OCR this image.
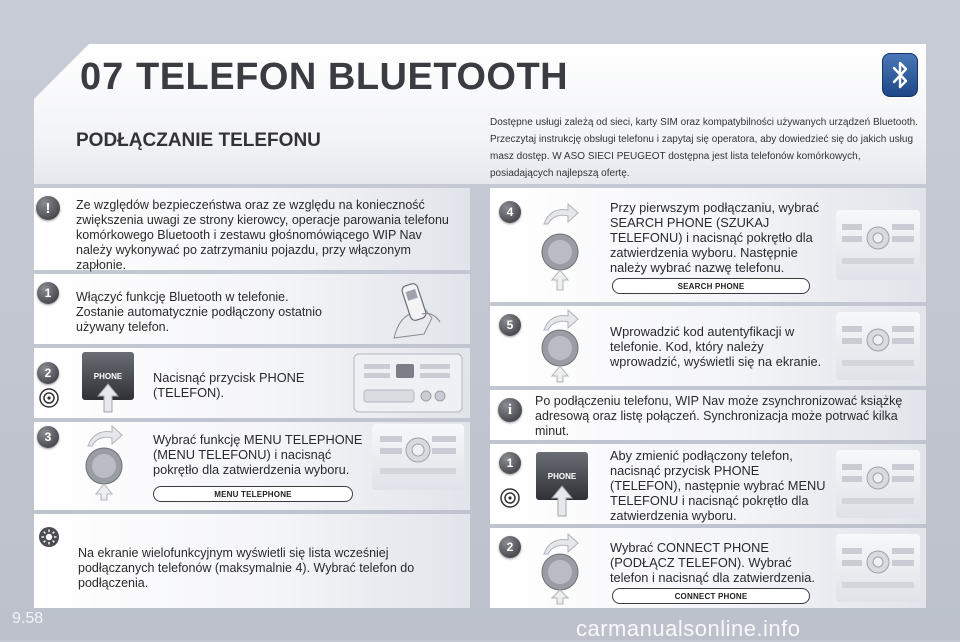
07 TELEFON BLUETOOTH
PODŁĄCZANIE TELEFONU
Dostępne usługi zależą od sieci, karty SIM oraz kompatybilności używanych urządzeń Bluetooth. Przeczytaj instrukcję obsługi telefonu i zapytaj się operatora, aby dowiedzieć się do jakich usług masz dostęp. W ASO SIECI PEUGEOT dostępna jest lista telefonów komórkowych, posiadających najlepszą ofertę.
!	Ze względów bezpieczeństwa oraz ze względu na konieczność zwiększenia uwagi ze strony kierowcy, operacje parowania telefonu komórkowego Bluetooth i zestawu głośnomówiącego WIP Nav należy wykonywać po zatrzymaniu pojazdu, przy włączonym zapłonie.
1	Włączyć funkcję Bluetooth w telefonie. Zostanie automatycznie podłączony ostatnio używany telefon.
2	PHONE	Nacisnąć przycisk PHONE (TELEFON).
3	Wybrać funkcję MENU TELEPHONE (MENU TELEFONU) i nacisnąć pokrętło dla zatwierdzenia wyboru.
MENU TELEPHONE
Na ekranie wielofunkcyjnym wyświetli się lista wcześniej podłączanych telefonów (maksymalnie 4). Wybrać telefon do podłączenia.
4	Przy pierwszym podłączaniu, wybrać SEARCH PHONE (SZUKAJ TELEFONU) i nacisnąć pokrętło dla zatwierdzenia wyboru. Następnie należy wybrać nazwę telefonu.
SEARCH PHONE
5	Wprowadzić kod autentyfikacji w telefonie. Kod, który należy wprowadzić, wyświetli się na ekranie.
i
Po podłączeniu telefonu, WIP Nav może zsynchronizować książkę adresową oraz listę połączeń. Synchronizacja może potrwać kilka minut.
1
PHONE
Aby zmienić podłączony telefon, nacisnąć przycisk PHONE (TELEFON), następnie wybrać MENU TELEFONU i nacisnąć pokrętło dla zatwierdzenia wyboru.
2	Wybrać CONNECT PHONE (PODŁĄCZ TELEFON). Wybrać telefon i nacisnąć dla zatwierdzenia.
CONNECT PHONE
9.58	carmanualsonline.info
